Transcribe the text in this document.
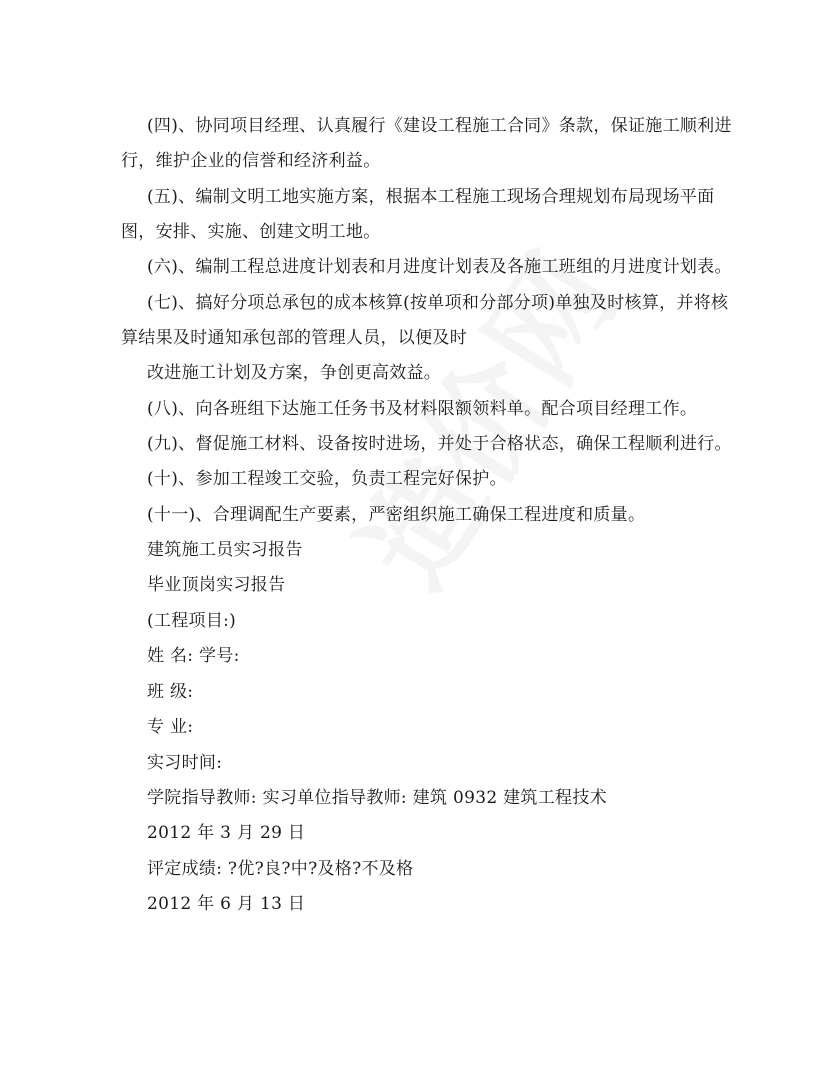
(四)、协同项目经理、认真履行《建设工程施工合同》条款，保证施工顺利进
行，维护企业的信誉和经济利益。
(五)、编制文明工地实施方案，根据本工程施工现场合理规划布局现场平面
图，安排、实施、创建文明工地。
(六)、编制工程总进度计划表和月进度计划表及各施工班组的月进度计划表。
(七)、搞好分项总承包的成本核算(按单项和分部分项)单独及时核算，并将核
算结果及时通知承包部的管理人员，以便及时
改进施工计划及方案，争创更高效益。
(八)、向各班组下达施工任务书及材料限额领料单。配合项目经理工作。
(九)、督促施工材料、设备按时进场，并处于合格状态，确保工程顺利进行。
(十)、参加工程竣工交验，负责工程完好保护。
(十一)、合理调配生产要素，严密组织施工确保工程进度和质量。
建筑施工员实习报告
毕业顶岗实习报告
(工程项目:)
姓 名: 学号:
班 级:
专 业:
实习时间:
学院指导教师: 实习单位指导教师: 建筑 0932 建筑工程技术
2012 年 3 月 29 日
评定成绩: ?优?良?中?及格?不及格
2012 年 6 月 13 日
